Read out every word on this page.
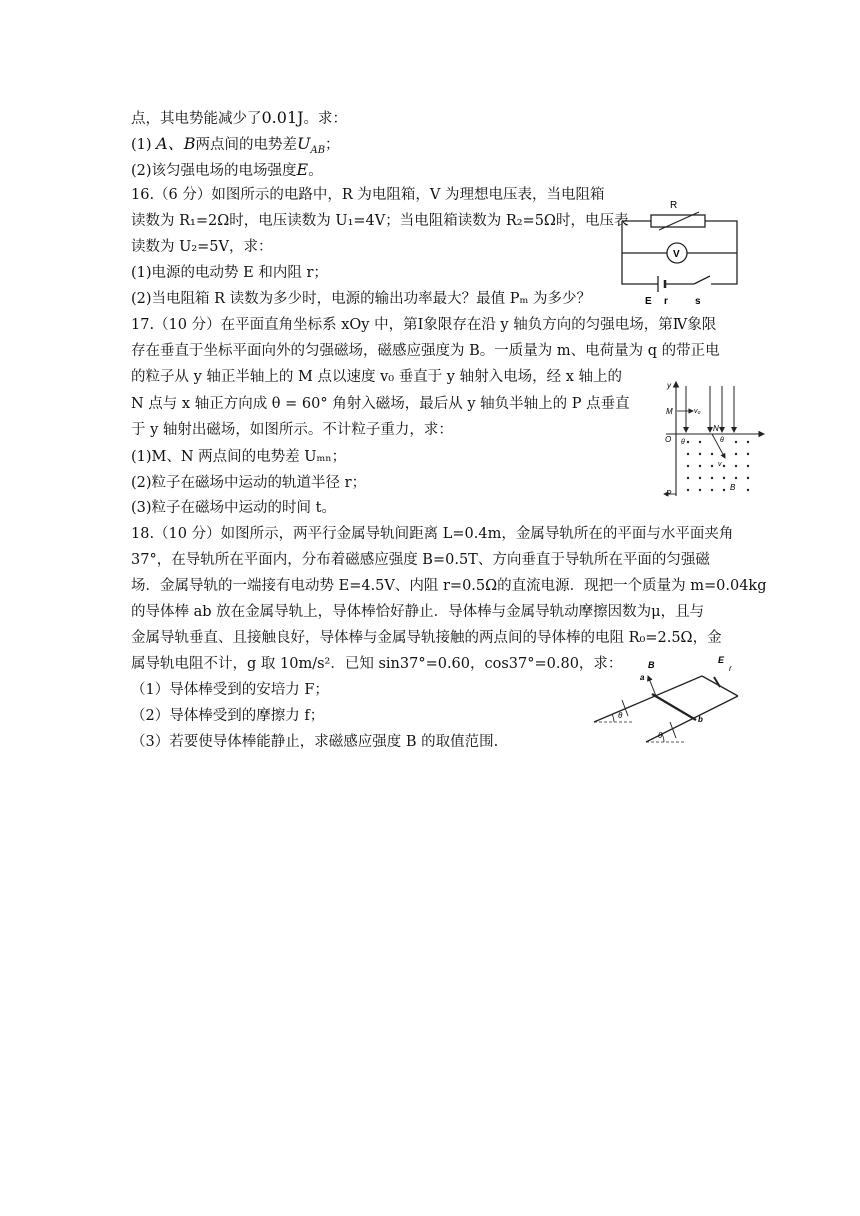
点，其电势能减少了0.01J。求：
(1) A、B两点间的电势差$U_{AB}$；
(2)该匀强电场的电场强度E。
16.（6 分）如图所示的电路中，R 为电阻箱，V 为理想电压表，当电阻箱
读数为 R₁=2Ω时，电压读数为 U₁=4V；当电阻箱读数为 R₂=5Ω时，电压表
读数为 U₂=5V，求：
(1)电源的电动势 E 和内阻 r；
(2)当电阻箱 R 读数为多少时，电源的输出功率最大？最值 Pₘ 为多少？
R
V
E r	s
17.（10 分）在平面直角坐标系 xOy 中，第Ⅰ象限存在沿 y 轴负方向的匀强电场，第Ⅳ象限
存在垂直于坐标平面向外的匀强磁场，磁感应强度为 B。一质量为 m、电荷量为 q 的带正电
的粒子从 y 轴正半轴上的 M 点以速度 v₀ 垂直于 y 轴射入电场，经 x 轴上的
N 点与 x 轴正方向成 θ = 60° 角射入磁场，最后从 y 轴负半轴上的 P 点垂直
于 y 轴射出磁场，如图所示。不计粒子重力，求：
(1)M、N 两点间的电势差 Uₘₙ；
(2)粒子在磁场中运动的轨道半径 r；
(3)粒子在磁场中运动的时间 t。
y
M
O
P
v₀
N
θ
θ
v
B
18.（10 分）如图所示，两平行金属导轨间距离 L=0.4m，金属导轨所在的平面与水平面夹角
37°，在导轨所在平面内，分布着磁感应强度 B=0.5T、方向垂直于导轨所在平面的匀强磁
场．金属导轨的一端接有电动势 E=4.5V、内阻 r=0.5Ω的直流电源．现把一个质量为 m=0.04kg
的导体棒 ab 放在金属导轨上，导体棒恰好静止．导体棒与金属导轨动摩擦因数为μ，且与
金属导轨垂直、且接触良好，导体棒与金属导轨接触的两点间的导体棒的电阻 R₀=2.5Ω，金
属导轨电阻不计，g 取 10m/s²．已知 sin37°=0.60，cos37°=0.80，求：
（1）导体棒受到的安培力 F；
（2）导体棒受到的摩擦力 f；
（3）若要使导体棒能静止，求磁感应强度 B 的取值范围.
E
r
a
b
B
θ
θ
